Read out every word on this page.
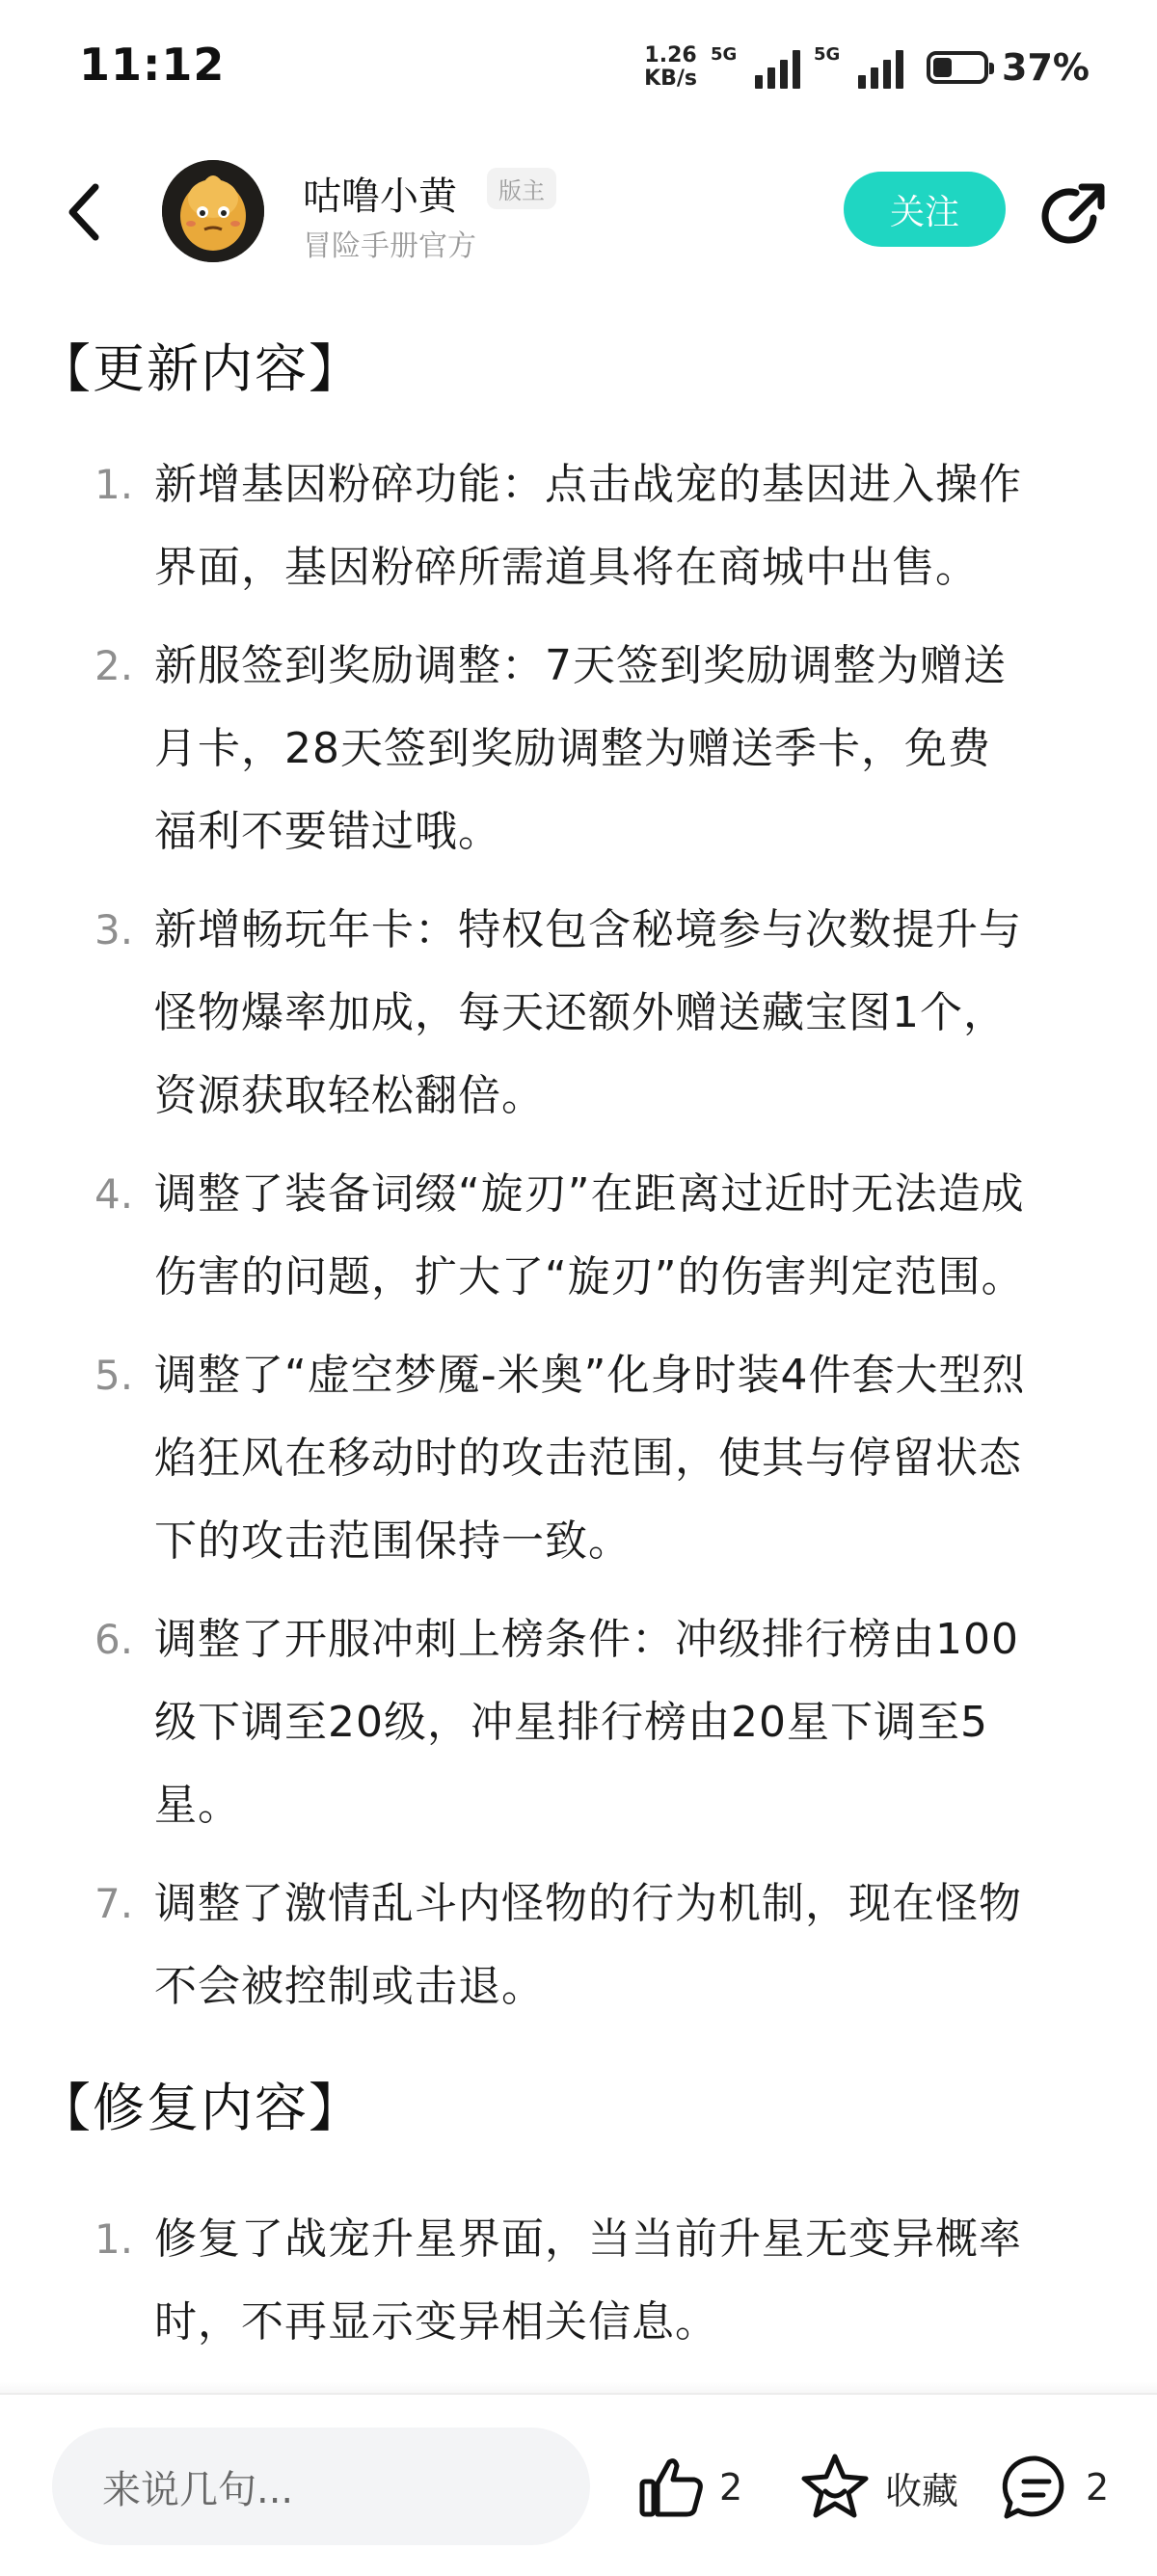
11:12	1.26
KB/s
5G	5G	37%
咕噜小黄	版主
冒险手册官方
关注
【更新内容】
1. 新增基因粉碎功能：点击战宠的基因进入操作
界面，基因粉碎所需道具将在商城中出售。
2. 新服签到奖励调整：7天签到奖励调整为赠送
月卡，28天签到奖励调整为赠送季卡，免费
福利不要错过哦。
3. 新增畅玩年卡：特权包含秘境参与次数提升与
怪物爆率加成，每天还额外赠送藏宝图1个，
资源获取轻松翻倍。
4. 调整了装备词缀“旋刃”在距离过近时无法造成
伤害的问题，扩大了“旋刃”的伤害判定范围。
5. 调整了“虚空梦魇-米奥”化身时装4件套大型烈
焰狂风在移动时的攻击范围，使其与停留状态
下的攻击范围保持一致。
6. 调整了开服冲刺上榜条件：冲级排行榜由100
级下调至20级，冲星排行榜由20星下调至5
星。
7. 调整了激情乱斗内怪物的行为机制，现在怪物
不会被控制或击退。
【修复内容】
1. 修复了战宠升星界面，当当前升星无变异概率
时，不再显示变异相关信息。
来说几句...	2	收藏	2
